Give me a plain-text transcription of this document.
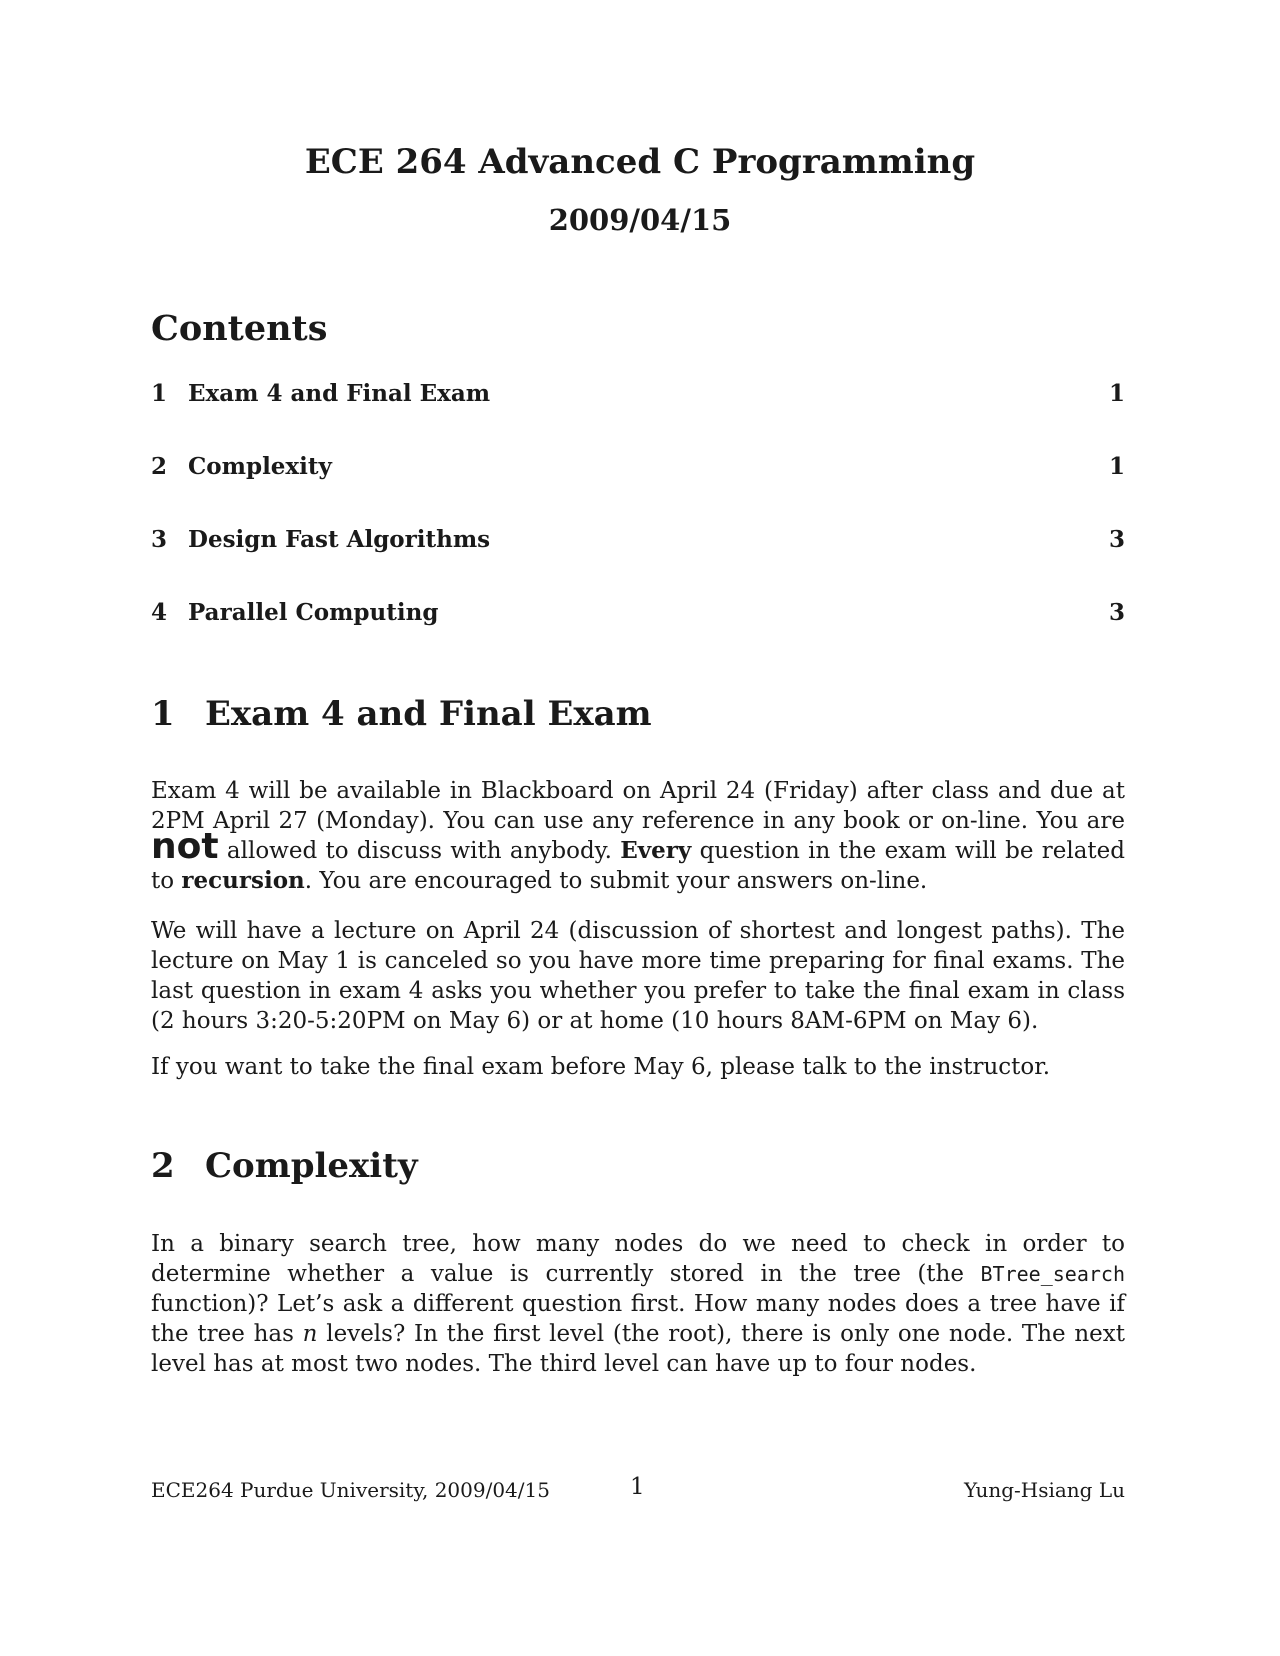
ECE 264 Advanced C Programming
2009/04/15
Contents
1 Exam 4 and Final Exam	1
2 Complexity	1
3 Design Fast Algorithms	3
4 Parallel Computing	3
1 Exam 4 and Final Exam

Exam 4 will be available in Blackboard on April 24 (Friday) after class and due at 2PM April 27 (Monday). You can use any reference in any book or on-line. You are not allowed to discuss with anybody. Every question in the exam will be related to recursion. You are encouraged to submit your answers on-line.

We will have a lecture on April 24 (discussion of shortest and longest paths). The lecture on May 1 is canceled so you have more time preparing for final exams. The last question in exam 4 asks you whether you prefer to take the final exam in class (2 hours 3:20-5:20PM on May 6) or at home (10 hours 8AM-6PM on May 6).

If you want to take the final exam before May 6, please talk to the instructor.

2 Complexity

In a binary search tree, how many nodes do we need to check in order to determine whether a value is currently stored in the tree (the BTree_search function)? Let’s ask a different question first. How many nodes does a tree have if the tree has n levels? In the first level (the root), there is only one node. The next level has at most two nodes. The third level can have up to four nodes.

ECE264 Purdue University, 2009/04/15	1	Yung-Hsiang Lu
